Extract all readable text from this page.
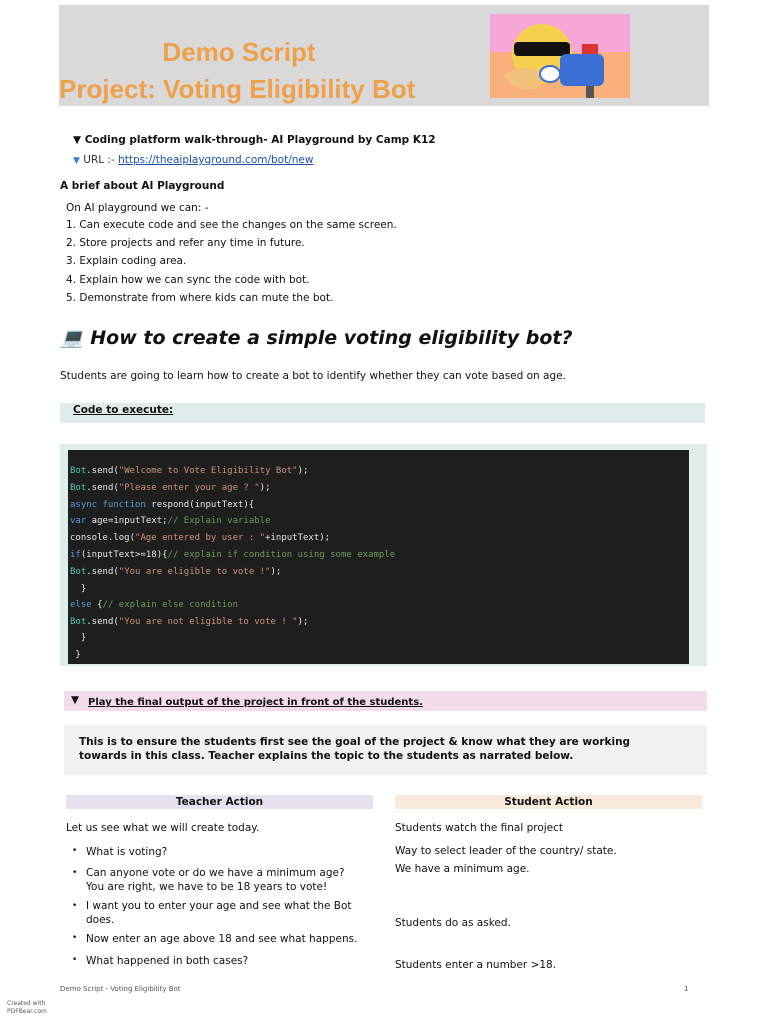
Demo Script
Project: Voting Eligibility Bot
▼ Coding platform walk-through- AI Playground by Camp K12
▼ URL :- https://theaiplayground.com/bot/new
A brief about AI Playground
On AI playground we can: -
1. Can execute code and see the changes on the same screen.
2. Store projects and refer any time in future.
3. Explain coding area.
4. Explain how we can sync the code with bot.
5. Demonstrate from where kids can mute the bot.
💻 How to create a simple voting eligibility bot?
Students are going to learn how to create a bot to identify whether they can vote based on age.
Code to execute:
Bot.send("Welcome to Vote Eligibility Bot");
Bot.send("Please enter your age ? ");
async function respond(inputText){
var age=inputText;// Explain variable
console.log("Age entered by user : "+inputText);
if(inputText>=18){// explain if condition using some example
Bot.send("You are eligible to vote !");
}
else {// explain else condition
Bot.send("You are not eligible to vote ! ");
}
}
▼ Play the final output of the project in front of the students.
This is to ensure the students first see the goal of the project & know what they are working towards in this class. Teacher explains the topic to the students as narrated below.
Teacher Action	Student Action
Let us see what we will create today.
• What is voting?
• Can anyone vote or do we have a minimum age? You are right, we have to be 18 years to vote!
• I want you to enter your age and see what the Bot does.
• Now enter an age above 18 and see what happens.
• What happened in both cases?
Students watch the final project
Way to select leader of the country/ state.
We have a minimum age.
Students do as asked.
Students enter a number >18.
Demo Script - Voting Eligibility Bot	1
Created with
PDFBear.com
